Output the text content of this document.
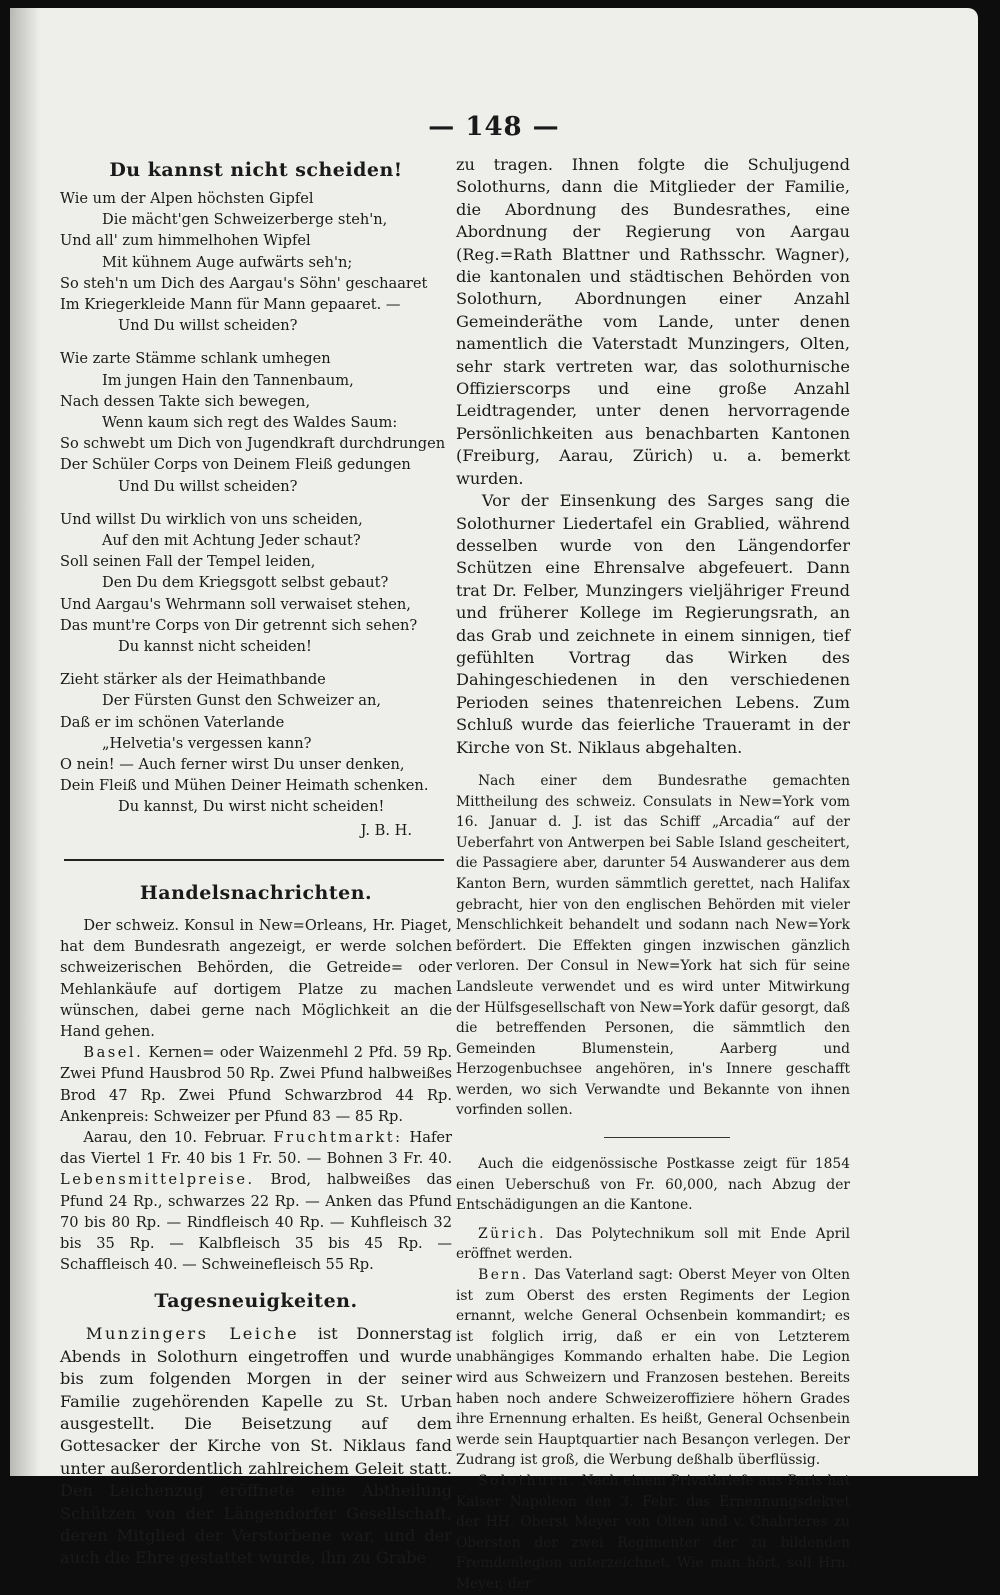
— 148 —
Du kannst nicht scheiden!
Wie um der Alpen höchsten Gipfel
Die mächt'gen Schweizerberge steh'n,
Und all' zum himmelhohen Wipfel
Mit kühnem Auge aufwärts seh'n;
So steh'n um Dich des Aargau's Söhn' geschaaret
Im Kriegerkleide Mann für Mann gepaaret. —
Und Du willst scheiden?
Wie zarte Stämme schlank umhegen
Im jungen Hain den Tannenbaum,
Nach dessen Takte sich bewegen,
Wenn kaum sich regt des Waldes Saum:
So schwebt um Dich von Jugendkraft durchdrungen
Der Schüler Corps von Deinem Fleiß gedungen
Und Du willst scheiden?
Und willst Du wirklich von uns scheiden,
Auf den mit Achtung Jeder schaut?
Soll seinen Fall der Tempel leiden,
Den Du dem Kriegsgott selbst gebaut?
Und Aargau's Wehrmann soll verwaiset stehen,
Das munt're Corps von Dir getrennt sich sehen?
Du kannst nicht scheiden!
Zieht stärker als der Heimathbande
Der Fürsten Gunst den Schweizer an,
Daß er im schönen Vaterlande
„Helvetia's vergessen kann?
O nein! — Auch ferner wirst Du unser denken,
Dein Fleiß und Mühen Deiner Heimath schenken.
Du kannst, Du wirst nicht scheiden!
J. B. H.
Handelsnachrichten.

Der schweiz. Konsul in New=Orleans, Hr. Piaget, hat dem Bundesrath angezeigt, er werde solchen schweizerischen Behörden, die Getreide= oder Mehlankäufe auf dortigem Platze zu machen wünschen, dabei gerne nach Möglichkeit an die Hand gehen.

Basel. Kernen= oder Waizenmehl 2 Pfd. 59 Rp. Zwei Pfund Hausbrod 50 Rp. Zwei Pfund halbweißes Brod 47 Rp. Zwei Pfund Schwarzbrod 44 Rp. Ankenpreis: Schweizer per Pfund 83 — 85 Rp.

Aarau, den 10. Februar. Fruchtmarkt: Hafer das Viertel 1 Fr. 40 bis 1 Fr. 50. — Bohnen 3 Fr. 40. Lebensmittelpreise. Brod, halbweißes das Pfund 24 Rp., schwarzes 22 Rp. — Anken das Pfund 70 bis 80 Rp. — Rindfleisch 40 Rp. — Kuhfleisch 32 bis 35 Rp. — Kalbfleisch 35 bis 45 Rp. — Schaffleisch 40. — Schweinefleisch 55 Rp.

Tagesneuigkeiten.

Munzingers Leiche ist Donnerstag Abends in Solothurn eingetroffen und wurde bis zum folgenden Morgen in der seiner Familie zugehörenden Kapelle zu St. Urban ausgestellt. Die Beisetzung auf dem Gottesacker der Kirche von St. Niklaus fand unter außerordentlich zahlreichem Geleit statt. Den Leichenzug eröffnete eine Abtheilung Schützen von der Längendorfer Gesellschaft, deren Mitglied der Verstorbene war, und der auch die Ehre gestattet wurde, ihn zu Grabe

zu tragen. Ihnen folgte die Schuljugend Solothurns, dann die Mitglieder der Familie, die Abordnung des Bundesrathes, eine Abordnung der Regierung von Aargau (Reg.=Rath Blattner und Rathsschr. Wagner), die kantonalen und städtischen Behörden von Solothurn, Abordnungen einer Anzahl Gemeinderäthe vom Lande, unter denen namentlich die Vaterstadt Munzingers, Olten, sehr stark vertreten war, das solothurnische Offizierscorps und eine große Anzahl Leidtragender, unter denen hervorragende Persönlichkeiten aus benachbarten Kantonen (Freiburg, Aarau, Zürich) u. a. bemerkt wurden.

Vor der Einsenkung des Sarges sang die Solothurner Liedertafel ein Grablied, während desselben wurde von den Längendorfer Schützen eine Ehrensalve abgefeuert. Dann trat Dr. Felber, Munzingers vieljähriger Freund und früherer Kollege im Regierungsrath, an das Grab und zeichnete in einem sinnigen, tief gefühlten Vortrag das Wirken des Dahingeschiedenen in den verschiedenen Perioden seines thatenreichen Lebens. Zum Schluß wurde das feierliche Traueramt in der Kirche von St. Niklaus abgehalten.

Nach einer dem Bundesrathe gemachten Mittheilung des schweiz. Consulats in New=York vom 16. Januar d. J. ist das Schiff „Arcadia“ auf der Ueberfahrt von Antwerpen bei Sable Island gescheitert, die Passagiere aber, darunter 54 Auswanderer aus dem Kanton Bern, wurden sämmtlich gerettet, nach Halifax gebracht, hier von den englischen Behörden mit vieler Menschlichkeit behandelt und sodann nach New=York befördert. Die Effekten gingen inzwischen gänzlich verloren. Der Consul in New=York hat sich für seine Landsleute verwendet und es wird unter Mitwirkung der Hülfsgesellschaft von New=York dafür gesorgt, daß die betreffenden Personen, die sämmtlich den Gemeinden Blumenstein, Aarberg und Herzogenbuchsee angehören, in's Innere geschafft werden, wo sich Verwandte und Bekannte von ihnen vorfinden sollen.

Auch die eidgenössische Postkasse zeigt für 1854 einen Ueberschuß von Fr. 60,000, nach Abzug der Entschädigungen an die Kantone.

Zürich. Das Polytechnikum soll mit Ende April eröffnet werden.

Bern. Das Vaterland sagt: Oberst Meyer von Olten ist zum Oberst des ersten Regiments der Legion ernannt, welche General Ochsenbein kommandirt; es ist folglich irrig, daß er ein von Letzterem unabhängiges Kommando erhalten habe. Die Legion wird aus Schweizern und Franzosen bestehen. Bereits haben noch andere Schweizeroffiziere höhern Grades ihre Ernennung erhalten. Es heißt, General Ochsenbein werde sein Hauptquartier nach Besançon verlegen. Der Zudrang ist groß, die Werbung deßhalb überflüssig.

Solothurn. Nach einem Privatbriefe aus Paris hat Kaiser Napoleon den 3. Febr. das Ernennungsdekret der HH. Oberst Meyer von Olten und v. Chabrieres zu Obersten der zwei Regimenter der zu bildenden Fremdenlegion unterzeichnet. Wie man hört, soll Hrn. Meyer, der
